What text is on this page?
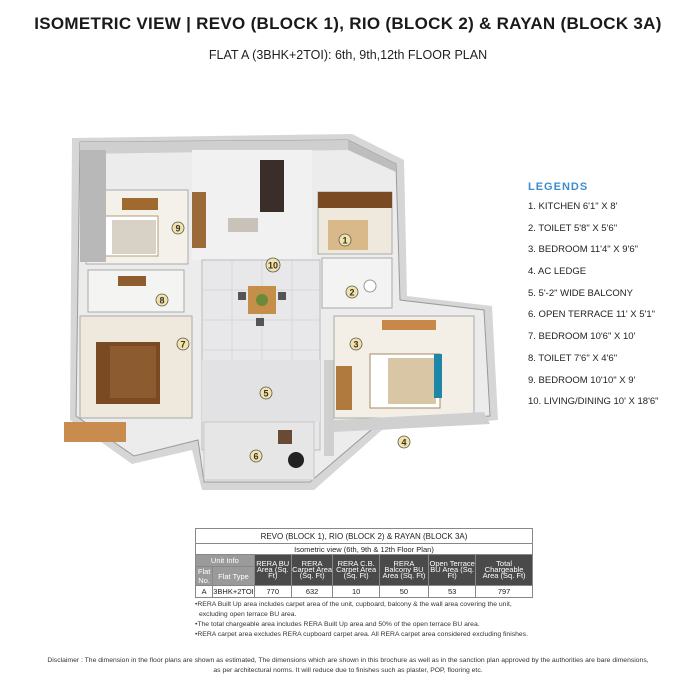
ISOMETRIC VIEW | REVO (BLOCK 1), RIO (BLOCK 2) & RAYAN (BLOCK 3A)
FLAT A (3BHK+2TOI): 6th, 9th,12th FLOOR PLAN
1
2
3
4
5
6
7
8
9
10
LEGENDS
1. KITCHEN 6'1" X 8'
2. TOILET 5'8" X 5'6"
3. BEDROOM 11'4" X 9'6"
4. AC LEDGE
5. 5'-2" WIDE BALCONY
6. OPEN TERRACE 11' X 5'1"
7. BEDROOM 10'6" X 10'
8. TOILET 7'6" X 4'6"
9. BEDROOM 10'10" X 9'
10. LIVING/DINING 10' X 18'6"
REVO (BLOCK 1), RIO (BLOCK 2) & RAYAN (BLOCK 3A)							
Isometric view (6th, 9th & 12th Floor Plan)							
Unit Info		RERA BU Area (Sq. Ft)	RERA Carpet Area (Sq. Ft)	RERA C.B. Carpet Area (Sq. Ft)	RERA Balcony BU Area (Sq. Ft)	Open Terrace BU Area (Sq. Ft)	Total Chargeable Area (Sq. Ft)
Flat No.	Flat Type						
A	3BHK+2TOI	770	632	10	50	53	797
•RERA Built Up area includes carpet area of the unit, cupboard, balcony & the wall area covering the unit,
excluding open terrace BU area.
•The total chargeable area includes RERA Built Up area and 50% of the open terrace BU area.
•RERA carpet area excludes RERA cupboard carpet area. All RERA carpet area considered excluding finishes.
Disclaimer : The dimension in the floor plans are shown as estimated, The dimensions which are shown in this brochure as well as in the sanction plan approved by the authorities are bare dimensions,
as per architectural norms. It will reduce due to finishes such as plaster, POP, flooring etc.
